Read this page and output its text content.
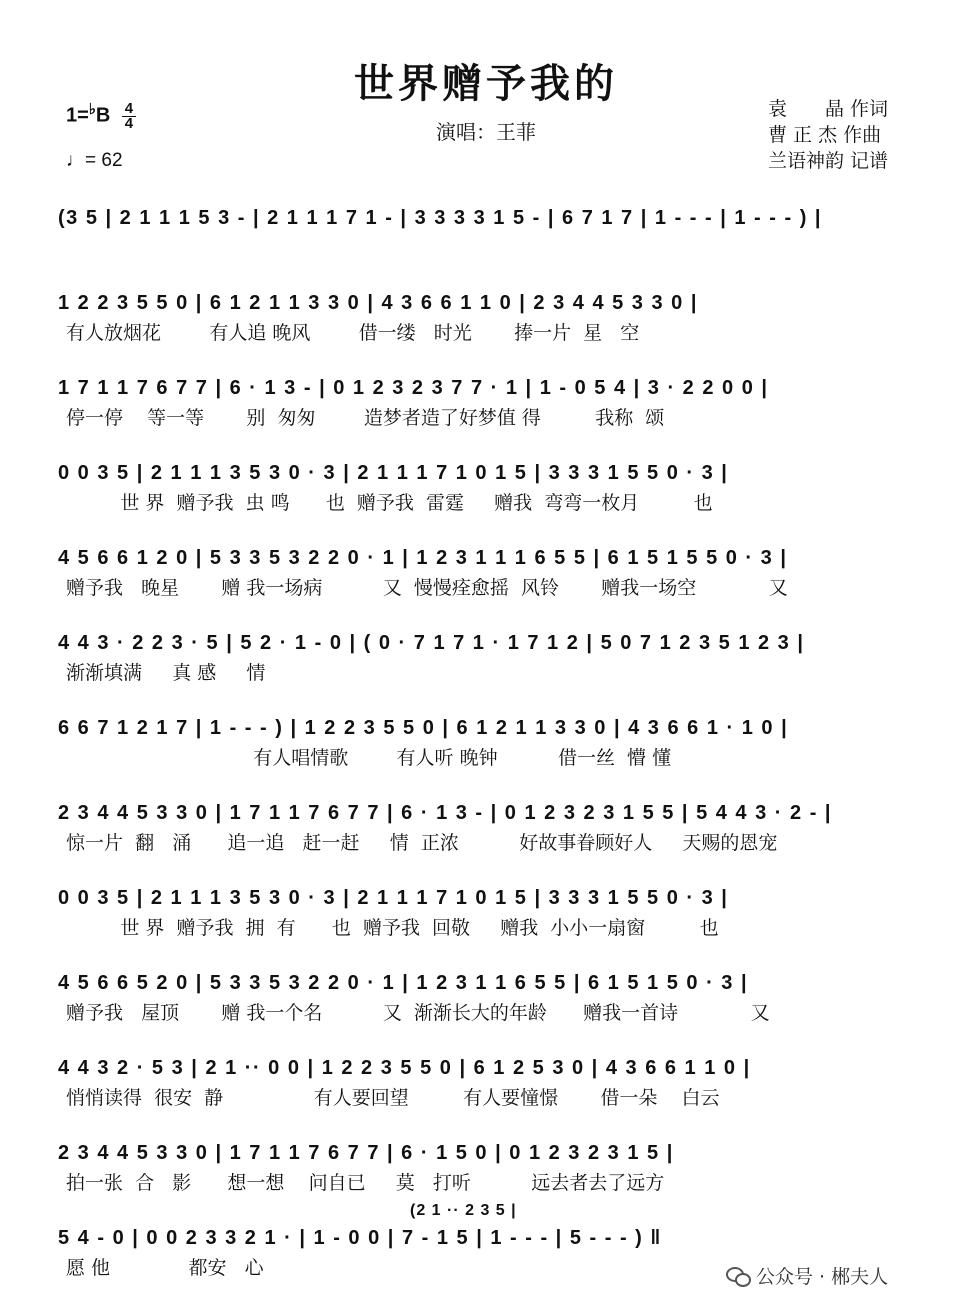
世界赠予我的
演唱：王菲
$1=^♭B \frac{4}{4}$
♩= 62
袁　　晶 作词
曹 正 杰 作曲
兰语神韵 记谱
(3 5 | 2 1 1 1 5 3 - | 2 1 1 1 7 1 - | 3 3 3 3 1 5 - | 6 7 1 7 | 1 - - - | 1 - - - ) |
1 2 2 3 5 5 0 | 6 1 2 1 1 3 3 0 | 4 3 6 6 1 1 0 | 2 3 4 4 5 3 3 0 |
有人放烟花        有人追 晚风        借一缕   时光       捧一片  星   空
1 7 1 1 7 6 7 7 | 6 · 1 3 - | 0 1 2 3 2 3 7 7 · 1 | 1 - 0 5 4 | 3 · 2 2 0 0 |
停一停    等一等       别  匆匆        造梦者造了好梦值 得         我称  颂
0 0 3 5 | 2 1 1 1 3 5 3 0 · 3 | 2 1 1 1 7 1 0 1 5 | 3 3 3 1 5 5 0 · 3 |
世 界  赠予我  虫 鸣      也  赠予我  雷霆     赠我  弯弯一枚月         也
4 5 6 6 1 2 0 | 5 3 3 5 3 2 2 0 · 1 | 1 2 3 1 1 1 6 5 5 | 6 1 5 1 5 5 0 · 3 |
赠予我   晚星       赠 我一场病          又  慢慢痊愈摇  风铃       赠我一场空            又
4 4 3 · 2 2 3 · 5 | 5 2 · 1 - 0 | ( 0 · 7 1 7 1 · 1 7 1 2 | 5 0 7 1 2 3 5 1 2 3 |
渐渐填满     真 感     情
6 6 7 1 2 1 7 | 1 - - - ) | 1 2 2 3 5 5 0 | 6 1 2 1 1 3 3 0 | 4 3 6 6 1 · 1 0 |
有人唱情歌        有人听 晚钟          借一丝  懵 懂
2 3 4 4 5 3 3 0 | 1 7 1 1 7 6 7 7 | 6 · 1 3 - | 0 1 2 3 2 3 1 5 5 | 5 4 4 3 · 2 - |
惊一片  翻   涌      追一追   赶一赶     情  正浓          好故事眷顾好人     天赐的恩宠
0 0 3 5 | 2 1 1 1 3 5 3 0 · 3 | 2 1 1 1 7 1 0 1 5 | 3 3 3 1 5 5 0 · 3 |
世 界  赠予我  拥  有      也  赠予我  回敬     赠我  小小一扇窗         也
4 5 6 6 5 2 0 | 5 3 3 5 3 2 2 0 · 1 | 1 2 3 1 1 6 5 5 | 6 1 5 1 5 0 · 3 |
赠予我   屋顶       赠 我一个名          又  渐渐长大的年龄      赠我一首诗            又
4 4 3 2 · 5 3 | 2 1 ·· 0 0 | 1 2 2 3 5 5 0 | 6 1 2 5 3 0 | 4 3 6 6 1 1 0 |
悄悄读得  很安  静               有人要回望         有人要憧憬       借一朵    白云
2 3 4 4 5 3 3 0 | 1 7 1 1 7 6 7 7 | 6 · 1 5 0 | 0 1 2 3 2 3 1 5 |
拍一张  合   影      想一想    问自已     莫   打听          远去者去了远方
(2 1 ·· 2 3 5 |
5 4 - 0 | 0 0 2 3 3 2 1 · | 1 - 0 0 | 7 - 1 5 | 1 - - - | 5 - - - ) ‖
愿 他             都安   心	公众号 · 郴夫人
